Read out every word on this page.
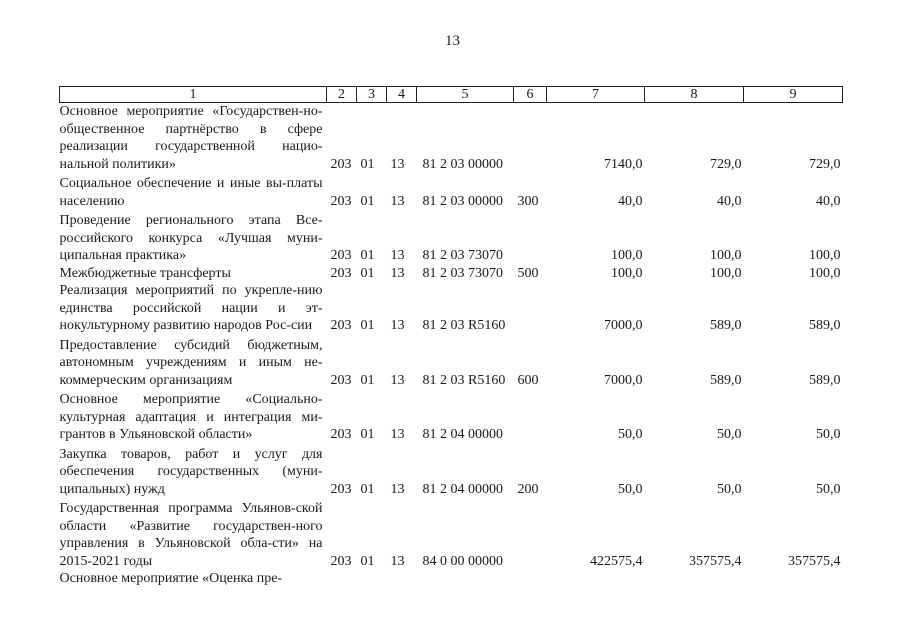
13
1	2	3	4	5	6	7	8	9
Основное мероприятие «Государствен-но-общественное партнёрство в сфере реализации государственной нацио-нальной политики»	203	01	13	81 2 03 00000		7140,0	729,0	729,0
Социальное обеспечение и иные вы-платы населению	203	01	13	81 2 03 00000	300	40,0	40,0	40,0
Проведение регионального этапа Все-российского конкурса «Лучшая муни-ципальная практика»	203	01	13	81 2 03 73070		100,0	100,0	100,0
Межбюджетные трансферты	203	01	13	81 2 03 73070	500	100,0	100,0	100,0
Реализация мероприятий по укрепле-нию единства российской нации и эт-нокультурному развитию народов Рос-сии	203	01	13	81 2 03 R5160		7000,0	589,0	589,0
Предоставление субсидий бюджетным, автономным учреждениям и иным не-коммерческим организациям	203	01	13	81 2 03 R5160	600	7000,0	589,0	589,0
Основное мероприятие «Социально-культурная адаптация и интеграция ми-грантов в Ульяновской области»	203	01	13	81 2 04 00000		50,0	50,0	50,0
Закупка товаров, работ и услуг для обеспечения государственных (муни-ципальных) нужд	203	01	13	81 2 04 00000	200	50,0	50,0	50,0
Государственная программа Ульянов-ской области «Развитие государствен-ного управления в Ульяновской обла-сти» на 2015-2021 годы	203	01	13	84 0 00 00000		422575,4	357575,4	357575,4
Основное мероприятие «Оценка пре-								
